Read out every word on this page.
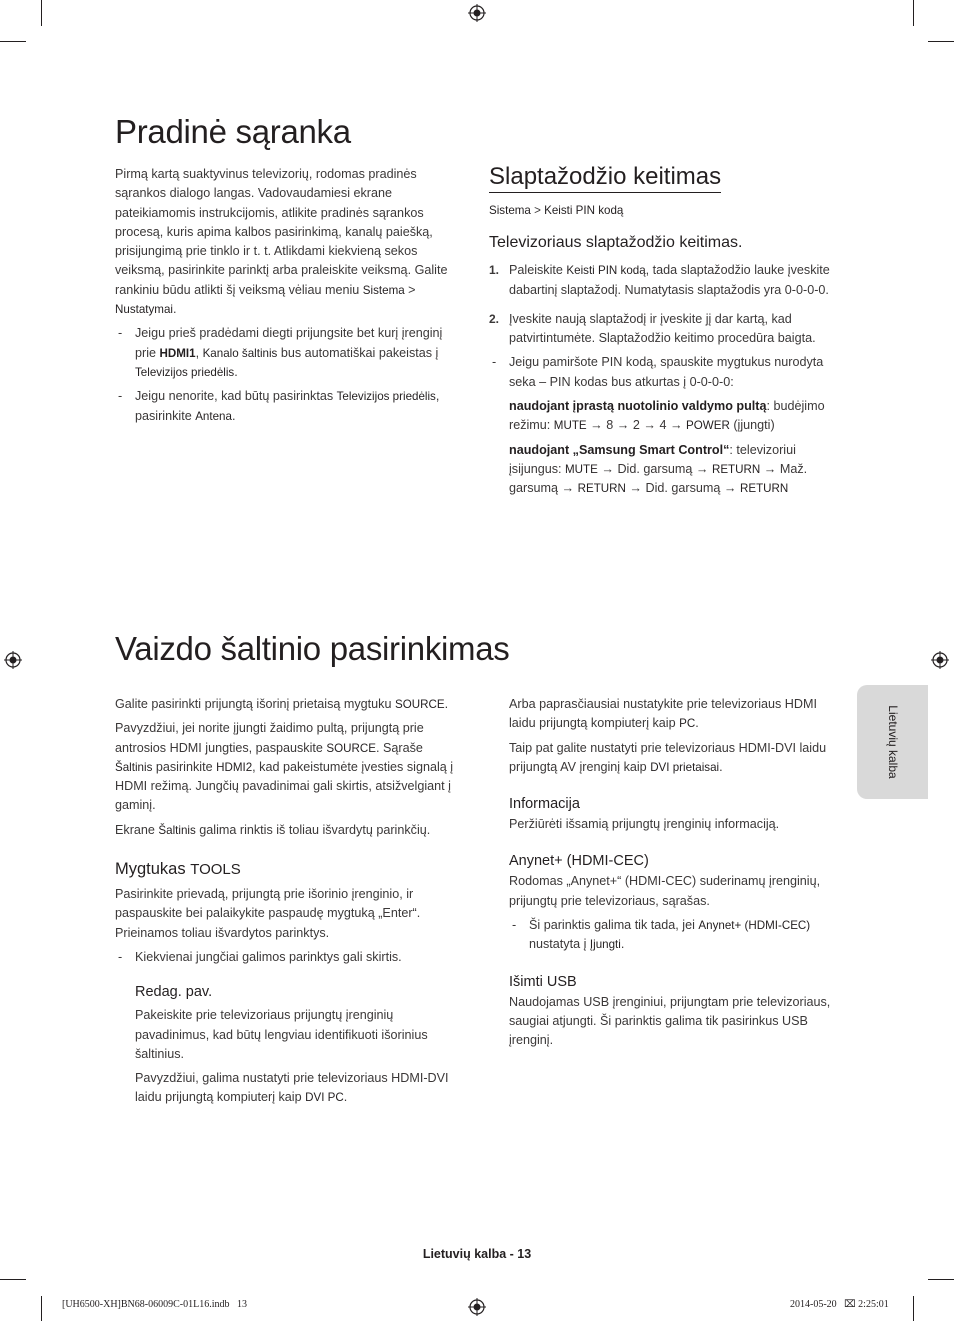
Pradinė sąranka

Pirmą kartą suaktyvinus televizorių, rodomas pradinės sąrankos dialogo langas. Vadovaudamiesi ekrane pateikiamomis instrukcijomis, atlikite pradinės sąrankos procesą, kuris apima kalbos pasirinkimą, kanalų paiešką, prisijungimą prie tinklo ir t. t. Atlikdami kiekvieną sekos veiksmą, pasirinkite parinktį arba praleiskite veiksmą. Galite rankiniu būdu atlikti šį veiksmą vėliau meniu Sistema > Nustatymai.

- Jeigu prieš pradėdami diegti prijungsite bet kurį įrenginį prie HDMI1, Kanalo šaltinis bus automatiškai pakeistas į Televizijos priedėlis.
- Jeigu nenorite, kad būtų pasirinktas Televizijos priedėlis, pasirinkite Antena.
Slaptažodžio keitimas
Sistema > Keisti PIN kodą
Televizoriaus slaptažodžio keitimas.
1. Paleiskite Keisti PIN kodą, tada slaptažodžio lauke įveskite dabartinį slaptažodį. Numatytasis slaptažodis yra 0-0-0-0.
2. Įveskite naują slaptažodį ir įveskite jį dar kartą, kad patvirtintumėte. Slaptažodžio keitimo procedūra baigta.
- Jeigu pamiršote PIN kodą, spauskite mygtukus nurodyta seka – PIN kodas bus atkurtas į 0-0-0-0:
naudojant įprastą nuotolinio valdymo pultą: budėjimo režimu: MUTE → 8 → 2 → 4 → POWER (įjungti)
naudojant „Samsung Smart Control“: televizoriui įsijungus: MUTE → Did. garsumą → RETURN → Maž. garsumą → RETURN → Did. garsumą → RETURN
Vaizdo šaltinio pasirinkimas

Galite pasirinkti prijungtą išorinį prietaisą mygtuku SOURCE.

Pavyzdžiui, jei norite įjungti žaidimo pultą, prijungtą prie antrosios HDMI jungties, paspauskite SOURCE. Sąraše Šaltinis pasirinkite HDMI2, kad pakeistumėte įvesties signalą į HDMI režimą. Jungčių pavadinimai gali skirtis, atsižvelgiant į gaminį.

Ekrane Šaltinis galima rinktis iš toliau išvardytų parinkčių.

Mygtukas TOOLS

Pasirinkite prievadą, prijungtą prie išorinio įrenginio, ir paspauskite bei palaikykite paspaudę mygtuką „Enter“. Prieinamos toliau išvardytos parinktys.

- Kiekvienai jungčiai galimos parinktys gali skirtis.
Redag. pav.

Pakeiskite prie televizoriaus prijungtų įrenginių pavadinimus, kad būtų lengviau identifikuoti išorinius šaltinius.

Pavyzdžiui, galima nustatyti prie televizoriaus HDMI-DVI laidu prijungtą kompiuterį kaip DVI PC.

Arba paprasčiausiai nustatykite prie televizoriaus HDMI laidu prijungtą kompiuterį kaip PC.

Taip pat galite nustatyti prie televizoriaus HDMI-DVI laidu prijungtą AV įrenginį kaip DVI prietaisai.

Informacija

Peržiūrėti išsamią prijungtų įrenginių informaciją.

Anynet+ (HDMI-CEC)

Rodomas „Anynet+“ (HDMI-CEC) suderinamų įrenginių, prijungtų prie televizoriaus, sąrašas.

- Ši parinktis galima tik tada, jei Anynet+ (HDMI-CEC) nustatyta į Įjungti.
Išimti USB

Naudojamas USB įrenginiui, prijungtam prie televizoriaus, saugiai atjungti. Ši parinktis galima tik pasirinkus USB įrenginį.

Lietuvių kalba
Lietuvių kalba - 13
[UH6500-XH]BN68-06009C-01L16.indb   13	2014-05-20   ⌧ 2:25:01
